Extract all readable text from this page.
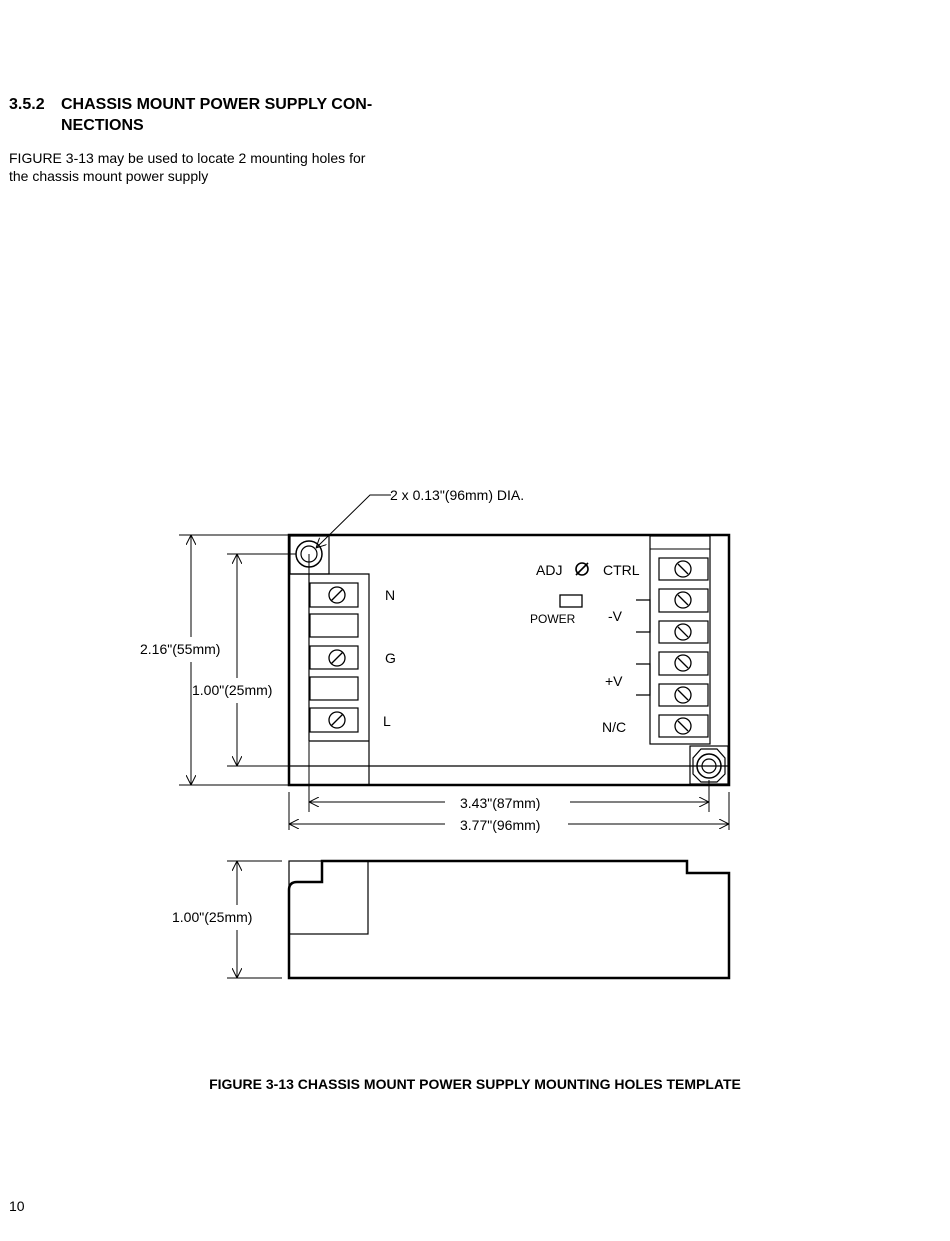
3.5.2 CHASSIS MOUNT POWER SUPPLY CON-
NECTIONS
FIGURE 3-13 may be used to locate 2 mounting holes for
the chassis mount power supply
2 x 0.13"(96mm) DIA.
2.16"(55mm)
1.00"(25mm)
3.43"(87mm)
3.77"(96mm)
1.00"(25mm)
N
G
L
ADJ
POWER
CTRL
-V
+V
N/C
FIGURE 3-13 CHASSIS MOUNT POWER SUPPLY MOUNTING HOLES TEMPLATE
10
